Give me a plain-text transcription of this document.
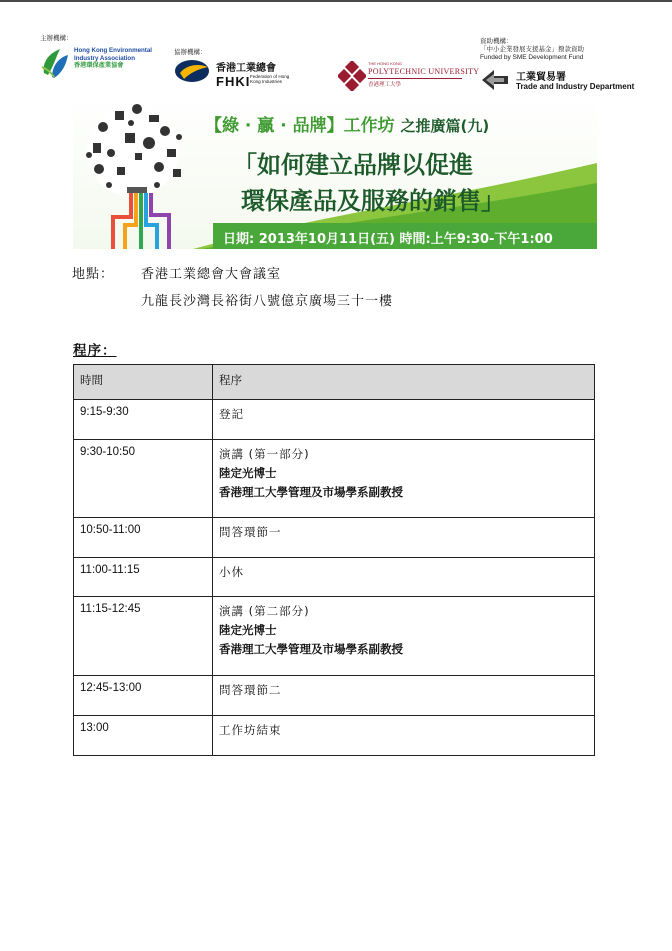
主辦機構：
Hong Kong Environmental
Industry Association
香港環保產業協會
協辦機構：
香港工業總會
FHKI Federation of Hong Kong Industries
THE HONG KONG
POLYTECHNIC UNIVERSITY
香港理工大學
資助機構：
「中小企業發展支援基金」撥款資助
Funded by SME Development Fund
工業貿易署
Trade and Industry Department
【綠 · 贏 · 品牌】工作坊 之推廣篇(九)
「如何建立品牌以促進
環保產品及服務的銷售」
日期: 2013年10月11日(五) 時間:上午9:30-下午1:00
地點： 香港工業總會大會議室
九龍長沙灣長裕街八號億京廣場三十一樓
程序：
時間	程序
9:15-9:30	登記

9:30-10:50	演講 (第一部分)
陸定光博士
香港理工大學管理及市場學系副教授

10:50-11:00	問答環節一

11:00-11:15	小休

11:15-12:45	演講 (第二部分)
陸定光博士
香港理工大學管理及市場學系副教授

12:45-13:00	問答環節二

13:00	工作坊結束
